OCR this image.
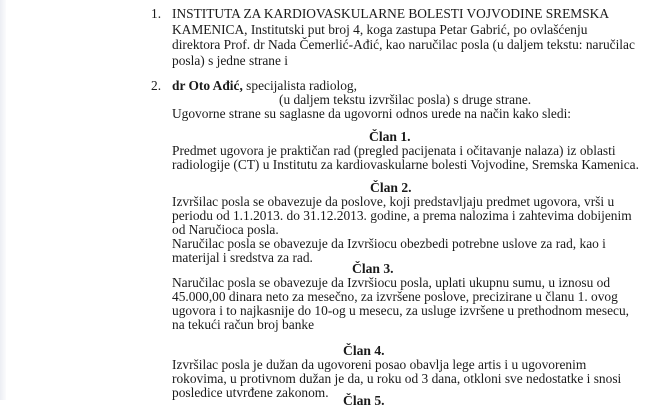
1. INSTITUTA ZA KARDIOVASKULARNE BOLESTI VOJVODINE SREMSKA
KAMENICA, Institutski put broj 4, koga zastupa Petar Gabrić, po ovlašćenju
direktora Prof. dr Nada Čemerlić-Ađić, kao naručilac posla (u daljem tekstu: naručilac
posla) s jedne strane i
2. dr Oto Ađić, specijalista radiolog,
(u daljem tekstu izvršilac posla) s druge strane.
Ugovorne strane su saglasne da ugovorni odnos urede na način kako sledi:
Član 1.
Predmet ugovora je praktičan rad (pregled pacijenata i očitavanje nalaza) iz oblasti
radiologije (CT) u Institutu za kardiovaskularne bolesti Vojvodine, Sremska Kamenica.
Član 2.
Izvršilac posla se obavezuje da poslove, koji predstavljaju predmet ugovora, vrši u
periodu od 1.1.2013. do 31.12.2013. godine, a prema nalozima i zahtevima dobijenim
od Naručioca posla.
Naručilac posla se obavezuje da Izvršiocu obezbedi potrebne uslove za rad, kao i
materijal i sredstva za rad.
Član 3.
Naručilac posla se obavezuje da Izvršiocu posla, uplati ukupnu sumu, u iznosu od
45.000,00 dinara neto za mesečno, za izvršene poslove, precizirane u članu 1. ovog
ugovora i to najkasnije do 10-og u mesecu, za usluge izvršene u prethodnom mesecu,
na tekući račun broj banke
Član 4.
Izvršilac posla je dužan da ugovoreni posao obavlja lege artis i u ugovorenim
rokovima, u protivnom dužan je da, u roku od 3 dana, otkloni sve nedostatke i snosi
posledice utvrđene zakonom.
Član 5.
